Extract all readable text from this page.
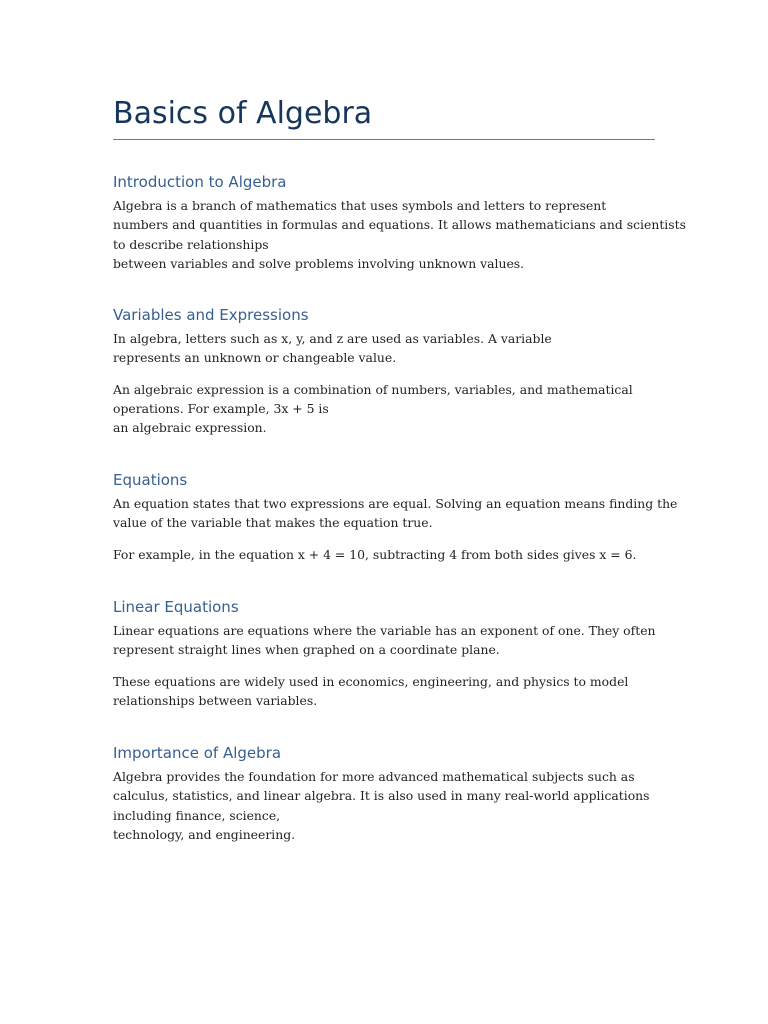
Basics of Algebra
Introduction to Algebra

Algebra is a branch of mathematics that uses symbols and letters to represent
numbers and quantities in formulas and equations. It allows mathematicians and scientists
to describe relationships
between variables and solve problems involving unknown values.

Variables and Expressions

In algebra, letters such as x, y, and z are used as variables. A variable
represents an unknown or changeable value.

An algebraic expression is a combination of numbers, variables, and mathematical
operations. For example, 3x + 5 is
an algebraic expression.

Equations

An equation states that two expressions are equal. Solving an equation means finding the
value of the variable that makes the equation true.

For example, in the equation x + 4 = 10, subtracting 4 from both sides gives x = 6.

Linear Equations

Linear equations are equations where the variable has an exponent of one. They often
represent straight lines when graphed on a coordinate plane.

These equations are widely used in economics, engineering, and physics to model
relationships between variables.

Importance of Algebra

Algebra provides the foundation for more advanced mathematical subjects such as
calculus, statistics, and linear algebra. It is also used in many real-world applications
including finance, science,
technology, and engineering.
